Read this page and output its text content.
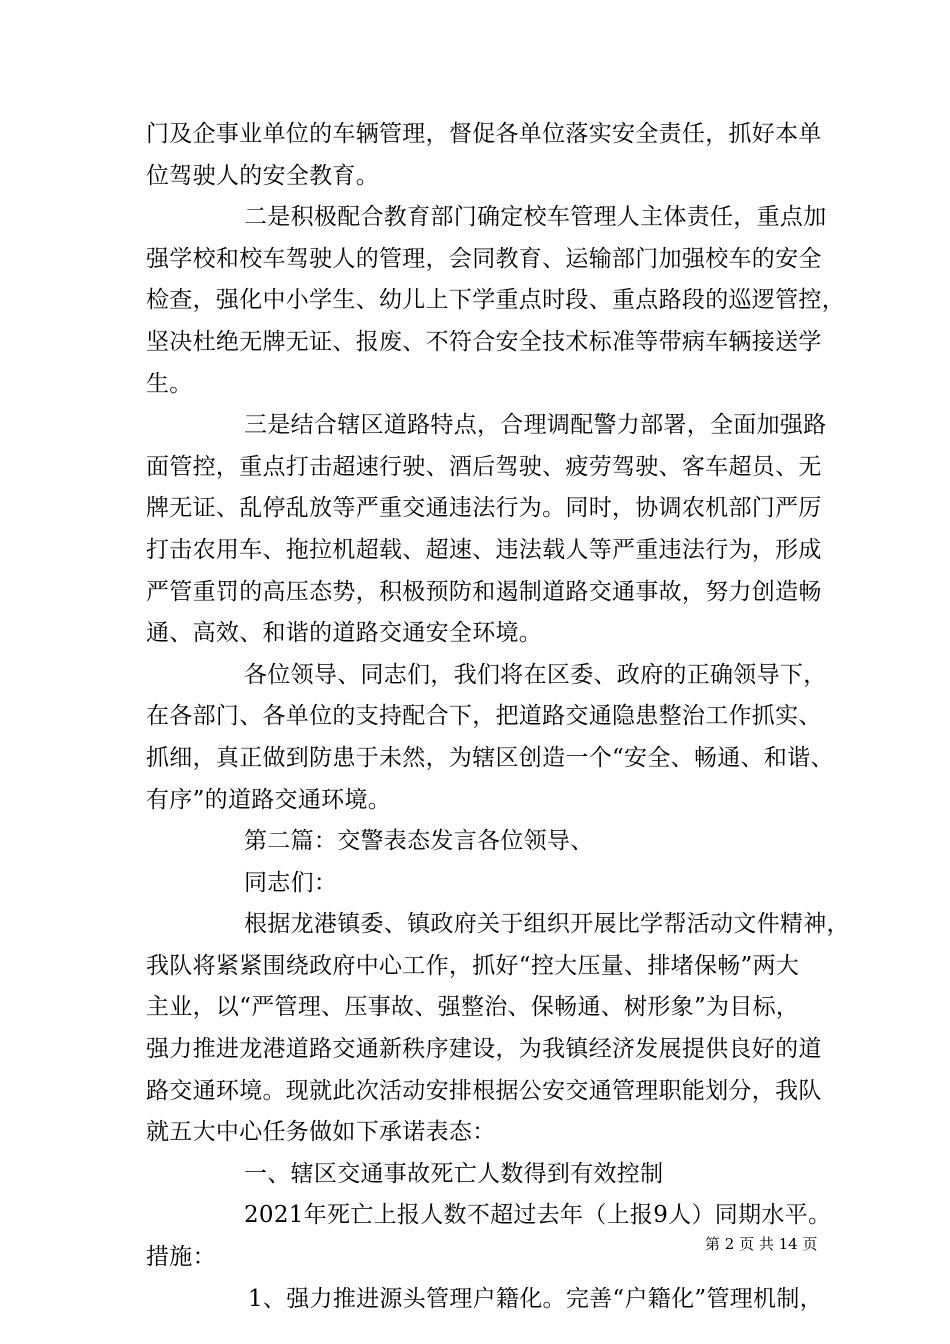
门及企事业单位的车辆管理，督促各单位落实安全责任，抓好本单
位驾驶人的安全教育。
二是积极配合教育部门确定校车管理人主体责任，重点加
强学校和校车驾驶人的管理，会同教育、运输部门加强校车的安全
检查，强化中小学生、幼儿上下学重点时段、重点路段的巡逻管控，
坚决杜绝无牌无证、报废、不符合安全技术标准等带病车辆接送学
生。
三是结合辖区道路特点，合理调配警力部署，全面加强路
面管控，重点打击超速行驶、酒后驾驶、疲劳驾驶、客车超员、无
牌无证、乱停乱放等严重交通违法行为。同时，协调农机部门严厉
打击农用车、拖拉机超载、超速、违法载人等严重违法行为，形成
严管重罚的高压态势，积极预防和遏制道路交通事故，努力创造畅
通、高效、和谐的道路交通安全环境。
各位领导、同志们，我们将在区委、政府的正确领导下，
在各部门、各单位的支持配合下，把道路交通隐患整治工作抓实、
抓细，真正做到防患于未然，为辖区创造一个“安全、畅通、和谐、
有序”的道路交通环境。
第二篇：交警表态发言各位领导、
同志们：
根据龙港镇委、镇政府关于组织开展比学帮活动文件精神，
我队将紧紧围绕政府中心工作，抓好“控大压量、排堵保畅”两大
主业，以“严管理、压事故、强整治、保畅通、树形象”为目标，
强力推进龙港道路交通新秩序建设，为我镇经济发展提供良好的道
路交通环境。现就此次活动安排根据公安交通管理职能划分，我队
就五大中心任务做如下承诺表态：
一、辖区交通事故死亡人数得到有效控制
2021年死亡上报人数不超过去年（上报9人）同期水平。
措施：
1、强力推进源头管理户籍化。完善“户籍化”管理机制，
第 2 页 共 14 页
